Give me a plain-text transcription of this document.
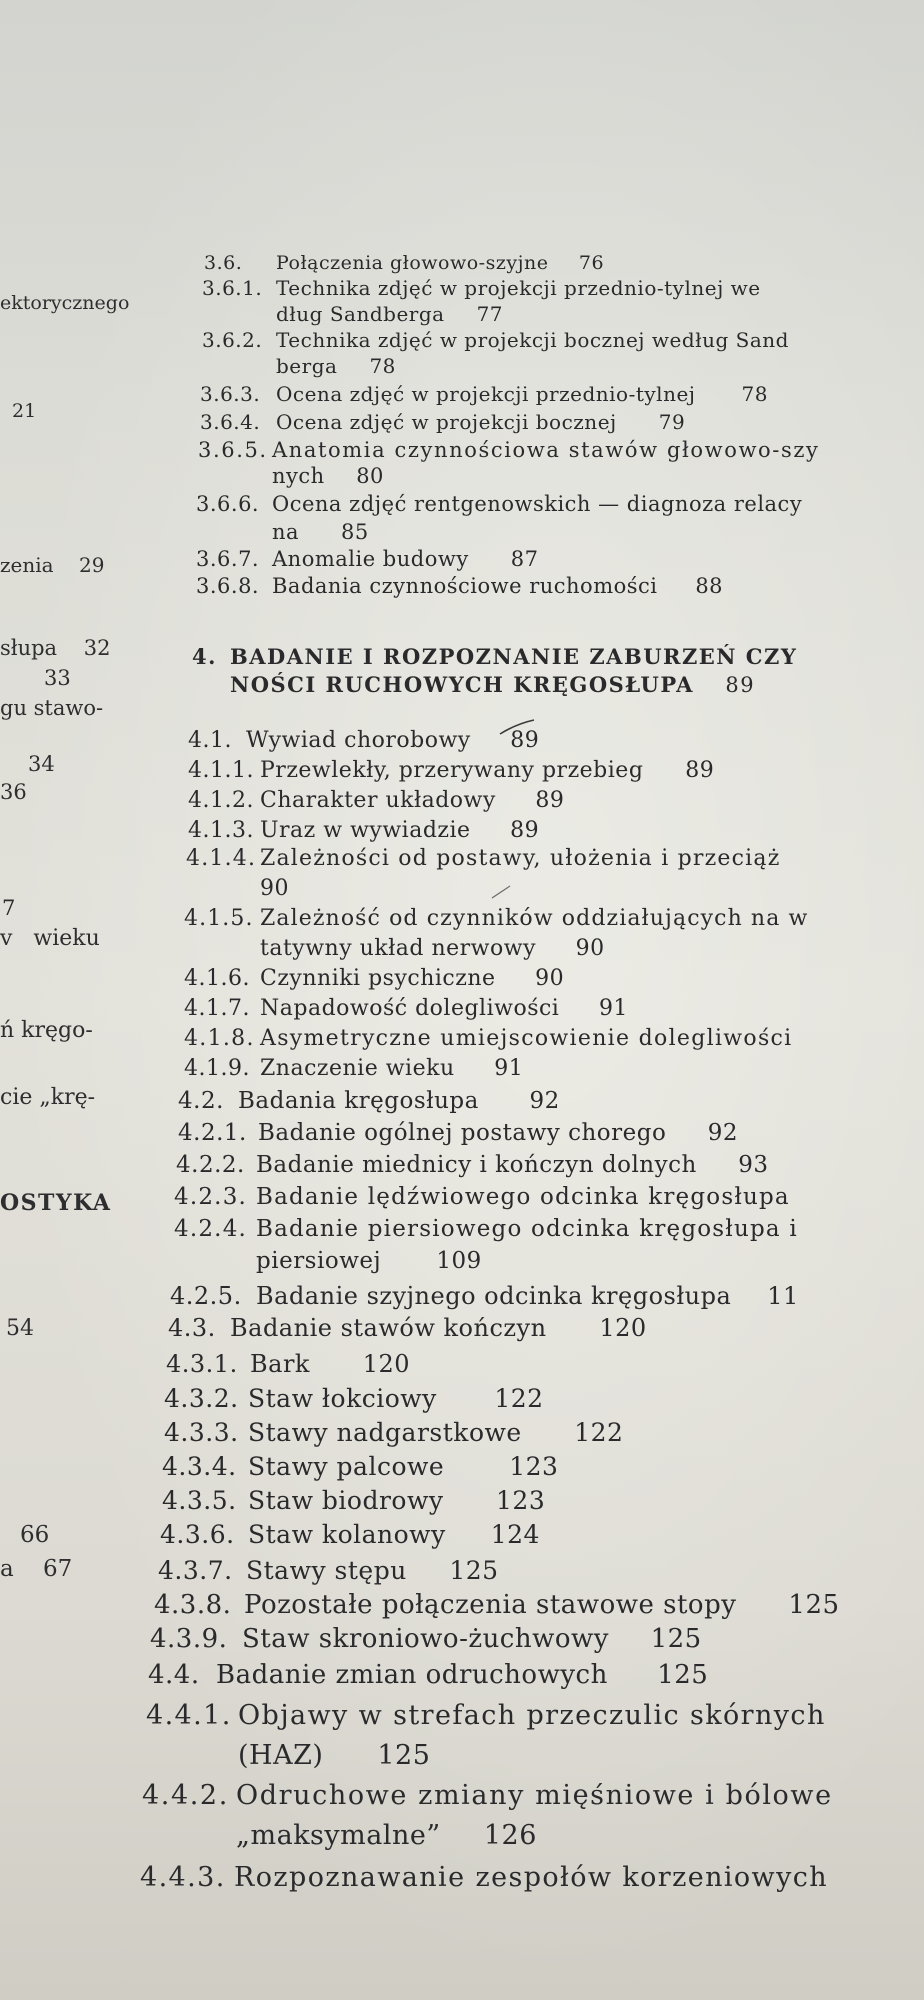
ektorycznego
21
zenia    29
słupa    32
33
gu stawo-
34
36
7
v   wieku
ń kręgo-
cie „krę-
OSTYKA
54
66
a    67
3.6. Połączenia głowowo-szyjne 76
3.6.1. Technika zdjęć w projekcji przednio-tylnej we
dług Sandberga 77
3.6.2. Technika zdjęć w projekcji bocznej według Sand
berga 78
3.6.3. Ocena zdjęć w projekcji przednio-tylnej 78
3.6.4. Ocena zdjęć w projekcji bocznej 79
3.6.5. Anatomia czynnościowa stawów głowowo-szy
nych 80
3.6.6. Ocena zdjęć rentgenowskich — diagnoza relacy
na 85
3.6.7. Anomalie budowy 87
3.6.8. Badania czynnościowe ruchomości 88
4. BADANIE I ROZPOZNANIE ZABURZEŃ CZY
NOŚCI RUCHOWYCH KRĘGOSŁUPA 89
4.1. Wywiad chorobowy 89
4.1.1. Przewlekły, przerywany przebieg 89
4.1.2. Charakter układowy 89
4.1.3. Uraz w wywiadzie 89
4.1.4. Zależności od postawy, ułożenia i przeciąż
90
4.1.5. Zależność od czynników oddziałujących na w
tatywny układ nerwowy 90
4.1.6. Czynniki psychiczne 90
4.1.7. Napadowość dolegliwości 91
4.1.8. Asymetryczne umiejscowienie dolegliwości
4.1.9. Znaczenie wieku 91
4.2. Badania kręgosłupa 92
4.2.1. Badanie ogólnej postawy chorego 92
4.2.2. Badanie miednicy i kończyn dolnych 93
4.2.3. Badanie lędźwiowego odcinka kręgosłupa
4.2.4. Badanie piersiowego odcinka kręgosłupa i
piersiowej 109
4.2.5. Badanie szyjnego odcinka kręgosłupa 11
4.3. Badanie stawów kończyn 120
4.3.1. Bark 120
4.3.2. Staw łokciowy 122
4.3.3. Stawy nadgarstkowe 122
4.3.4. Stawy palcowe	123
4.3.5. Staw biodrowy 123
4.3.6. Staw kolanowy 124
4.3.7. Stawy stępu 125
4.3.8. Pozostałe połączenia stawowe stopy 125
4.3.9. Staw skroniowo-żuchwowy 125
4.4. Badanie zmian odruchowych 125
4.4.1. Objawy w strefach przeczulic skórnych
(HAZ) 125
4.4.2. Odruchowe zmiany mięśniowe i bólowe
„maksymalne” 126
4.4.3. Rozpoznawanie zespołów korzeniowych
